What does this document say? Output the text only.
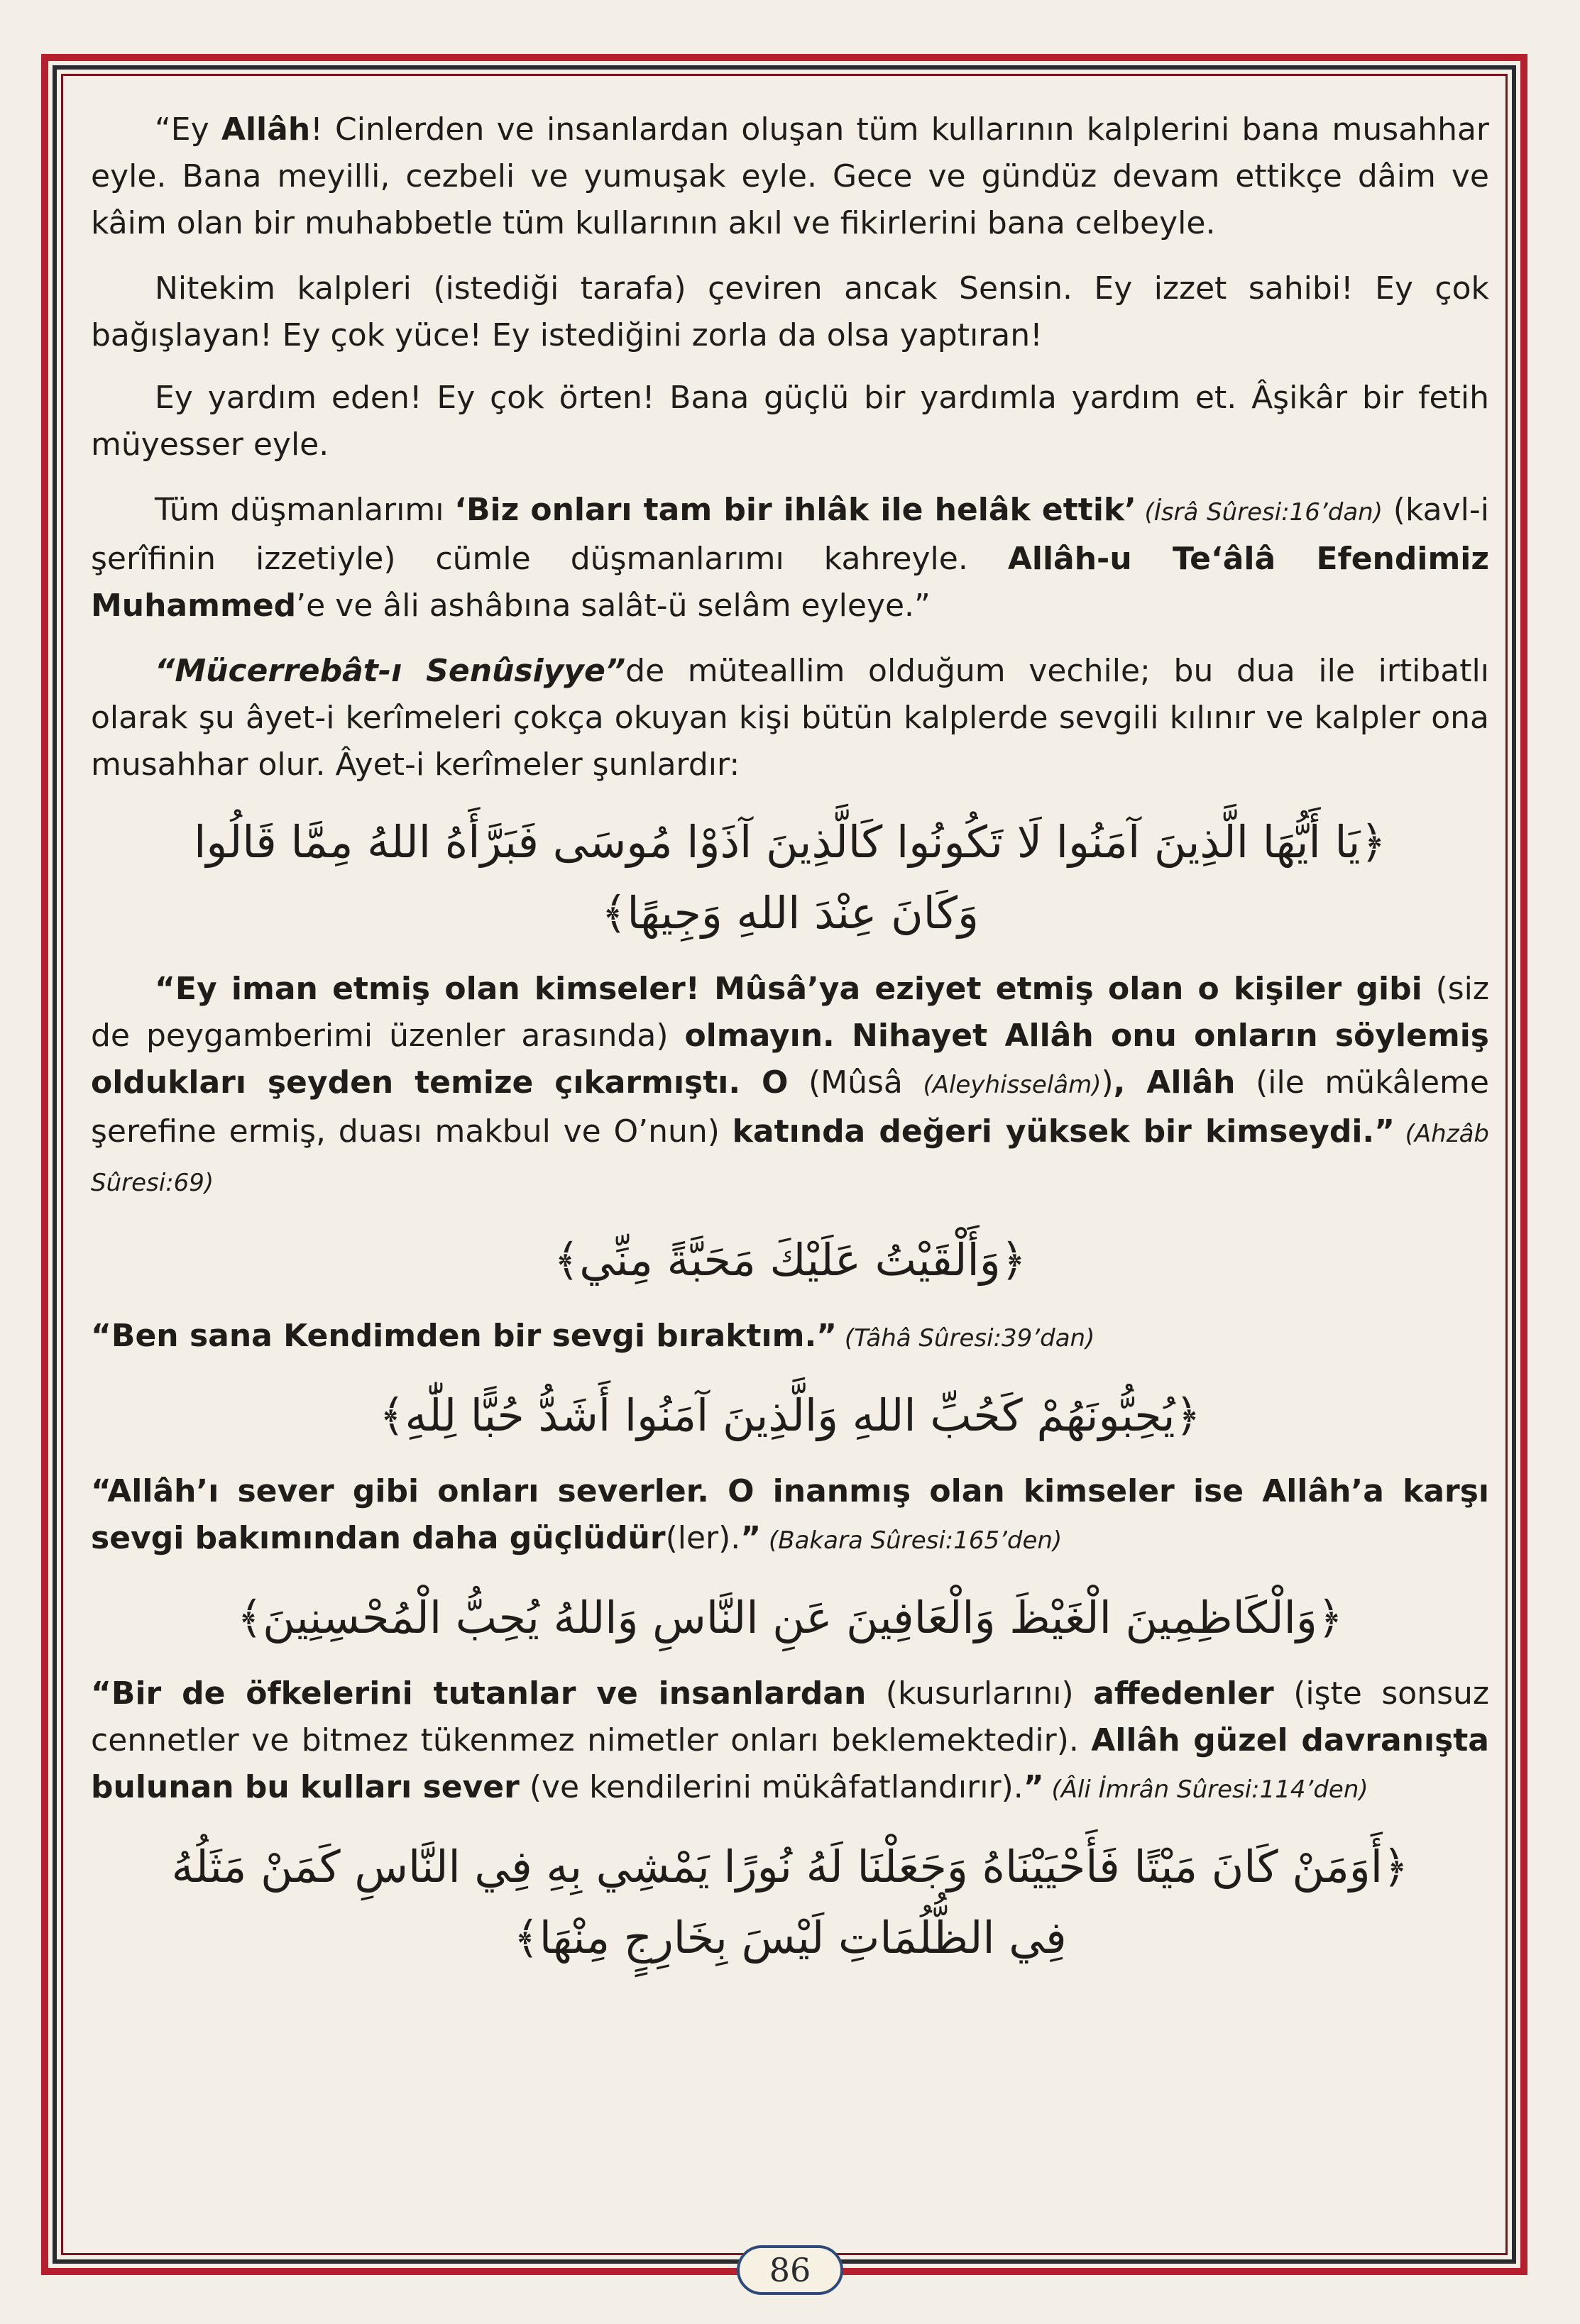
“Ey Allâh! Cinlerden ve insanlardan oluşan tüm kullarının kalplerini bana musahhar eyle. Bana meyilli, cezbeli ve yumuşak eyle. Gece ve gündüz devam ettikçe dâim ve kâim olan bir muhabbetle tüm kullarının akıl ve fikirlerini bana celbeyle.

Nitekim kalpleri (istediği tarafa) çeviren ancak Sensin. Ey izzet sahibi! Ey çok bağışlayan! Ey çok yüce! Ey istediğini zorla da olsa yaptıran!

Ey yardım eden! Ey çok örten! Bana güçlü bir yardımla yardım et. Âşikâr bir fetih müyesser eyle.

Tüm düşmanlarımı ‘Biz onları tam bir ihlâk ile helâk ettik’ (İsrâ Sûresi:16’dan) (kavl-i şerîfinin izzetiyle) cümle düşmanlarımı kahreyle. Allâh-u Te‘âlâ Efendimiz Muhammed’e ve âli ashâbına salât-ü selâm eyleye.”

“Mücerrebât-ı Senûsiyye”de müteallim olduğum vechile; bu dua ile irtibatlı olarak şu âyet-i kerîmeleri çokça okuyan kişi bütün kalplerde sevgili kılınır ve kalpler ona musahhar olur. Âyet-i kerîmeler şunlardır:

﴿يَا أَيُّهَا الَّذِينَ آمَنُوا لَا تَكُونُوا كَالَّذِينَ آذَوْا مُوسَى فَبَرَّأَهُ اللهُ مِمَّا قَالُوا
وَكَانَ عِنْدَ اللهِ وَجِيهًا﴾

“Ey iman etmiş olan kimseler! Mûsâ’ya eziyet etmiş olan o kişiler gibi (siz de peygamberimi üzenler arasında) olmayın. Nihayet Allâh onu onların söylemiş oldukları şeyden temize çıkarmıştı. O (Mûsâ (Aleyhisselâm)), Allâh (ile mükâleme şerefine ermiş, duası makbul ve O’nun) katında değeri yüksek bir kimseydi.” (Ahzâb Sûresi:69)

﴿وَأَلْقَيْتُ عَلَيْكَ مَحَبَّةً مِنِّي﴾

“Ben sana Kendimden bir sevgi bıraktım.” (Tâhâ Sûresi:39’dan)

﴿يُحِبُّونَهُمْ كَحُبِّ اللهِ وَالَّذِينَ آمَنُوا أَشَدُّ حُبًّا لِلّٰهِ﴾

“Allâh’ı sever gibi onları severler. O inanmış olan kimseler ise Allâh’a karşı sevgi bakımından daha güçlüdür(ler).” (Bakara Sûresi:165’den)

﴿وَالْكَاظِمِينَ الْغَيْظَ وَالْعَافِينَ عَنِ النَّاسِ وَاللهُ يُحِبُّ الْمُحْسِنِينَ﴾

“Bir de öfkelerini tutanlar ve insanlardan (kusurlarını) affedenler (işte sonsuz cennetler ve bitmez tükenmez nimetler onları beklemektedir). Allâh güzel davranışta bulunan bu kulları sever (ve kendilerini mükâfatlandırır).” (Âli İmrân Sûresi:114’den)

﴿أَوَمَنْ كَانَ مَيْتًا فَأَحْيَيْنَاهُ وَجَعَلْنَا لَهُ نُورًا يَمْشِي بِهِ فِي النَّاسِ كَمَنْ مَثَلُهُ
فِي الظُّلُمَاتِ لَيْسَ بِخَارِجٍ مِنْهَا﴾
86
